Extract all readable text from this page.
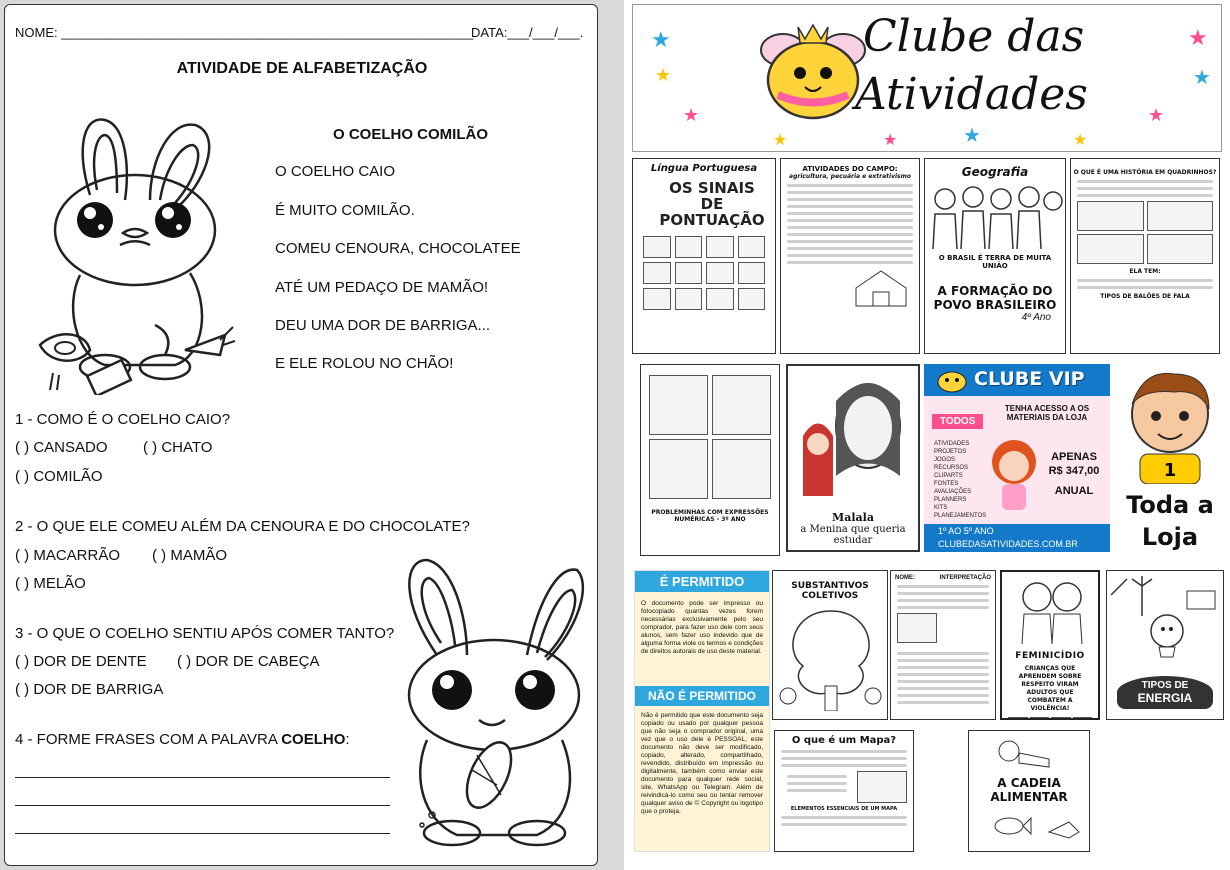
NOME: _________________________________________________________
DATA:___/___/___.
ATIVIDADE DE ALFABETIZAÇÃO
O COELHO COMILÃO
O COELHO CAIO
É MUITO COMILÃO.
COMEU CENOURA, CHOCOLATEE
ATÉ UM PEDAÇO DE MAMÃO!
DEU UMA DOR DE BARRIGA...
E ELE ROLOU NO CHÃO!
1 - COMO É O COELHO CAIO?
( ) CANSADO ( ) CHATO
( ) COMILÃO
2 - O QUE ELE COMEU ALÉM DA CENOURA E DO CHOCOLATE?
( ) MACARRÃO ( ) MAMÃO
( ) MELÃO
3 - O QUE O COELHO SENTIU APÓS COMER TANTO?
( ) DOR DE DENTE ( ) DOR DE CABEÇA
( ) DOR DE BARRIGA
4 - FORME FRASES COM A PALAVRA COELHO:
Clube das
Atividades
★
★
★
★
★
★
★
★
★	★
Língua Portuguesa
OS SINAIS DE PONTUAÇÃO
ATIVIDADES DO CAMPO:
agricultura, pecuária e extrativismo	Geografia
O BRASIL É TERRA DE MUITA UNIÃO
A FORMAÇÃO DO POVO BRASILEIRO
4º Ano
O QUE É UMA HISTÓRIA EM QUADRINHOS?
ELA TEM:
TIPOS DE BALÕES DE FALA
PROBLEMINHAS COM EXPRESSÕES NUMÉRICAS - 3º ANO	Malala
a Menina que queria estudar
CLUBE VIP
TODOS
TENHA ACESSO A OS MATERIAIS DA LOJA
ATIVIDADES
PROJETOS
JOGOS
RECURSOS
CLIPARTS
FONTES
AVALIAÇÕES
PLANNERS
KITS
PLANEJAMENTOS
APENAS
R$ 347,00
ANUAL
1º AO 5º ANO
CLUBEDASATIVIDADES.COM.BR
1
Toda a
Loja
É PERMITIDO
O documento pode ser impresso ou fotocopiado quantas vezes forem necessárias exclusivamente pelo seu comprador, para fazer uso dele com seus alunos, sem fazer uso indevido que de alguma forma viole os termos e condições de direitos autorais de uso deste material.
NÃO É PERMITIDO
Não é permitido que este documento seja copiado ou usado por qualquer pessoa que não seja o comprador original, uma vez que o uso dele é PESSOAL, este documento não deve ser modificado, copiado, alterado, compartilhado, revendido, distribuído em impressão ou digitalmente, também como enviar este documento para qualquer rede social, site, WhatsApp ou Telegram. Além de reivindicá-lo como seu ou tentar remover qualquer aviso de © Copyright ou logotipo que o proteja.
SUBSTANTIVOS COLETIVOS
NOME:	INTERPRETAÇÃO
FEMINICÍDIO
CRIANÇAS QUE APRENDEM SOBRE RESPEITO VIRAM ADULTOS QUE COMBATEM A VIOLÊNCIA!
TIPOS DE
ENERGIA
O que é um Mapa?
ELEMENTOS ESSENCIAIS DE UM MAPA
A CADEIA
ALIMENTAR
